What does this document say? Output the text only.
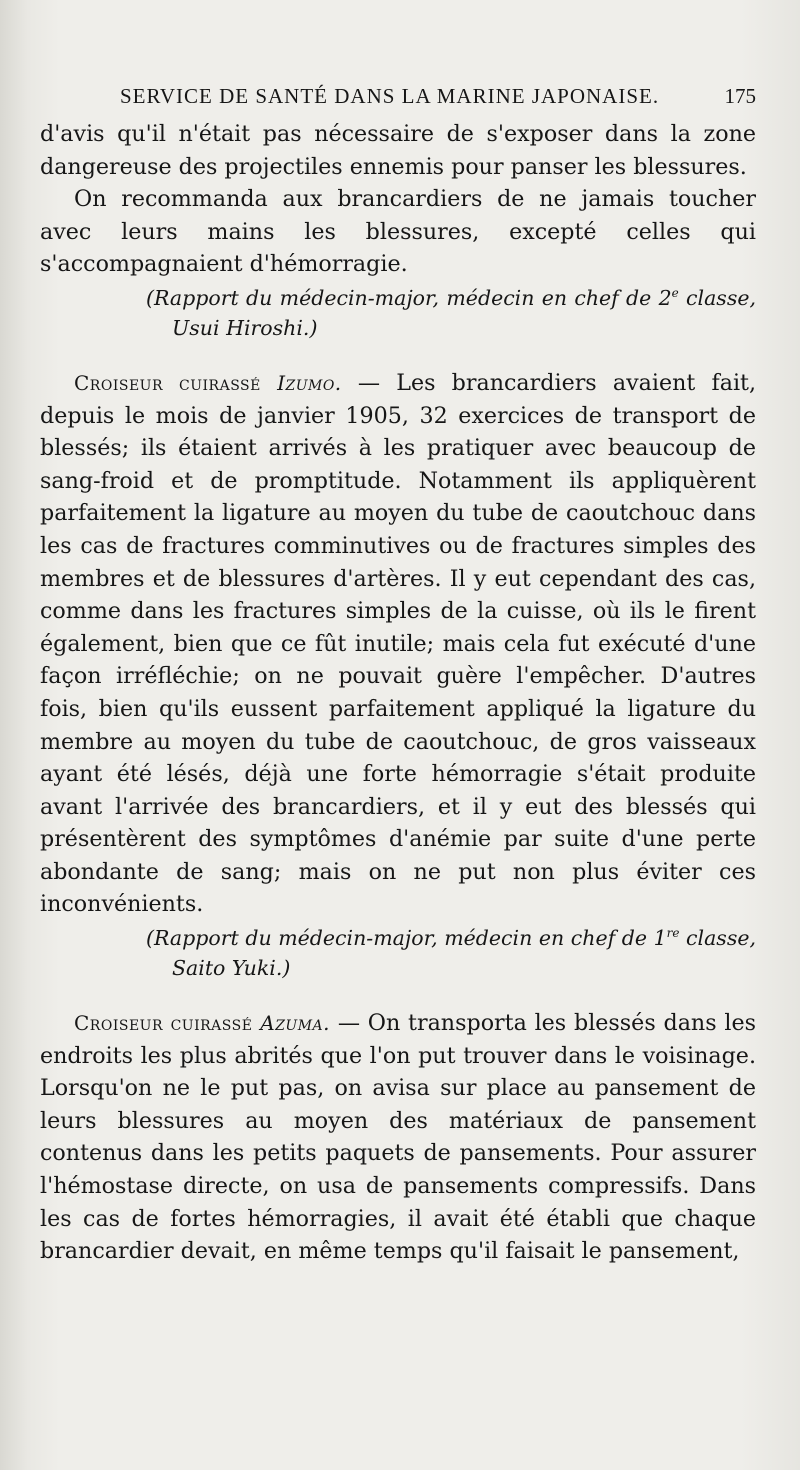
SERVICE DE SANTÉ DANS LA MARINE JAPONAISE.	175

d'avis qu'il n'était pas nécessaire de s'exposer dans la zone dangereuse des projectiles ennemis pour panser les blessures.

On recommanda aux brancardiers de ne jamais toucher avec leurs mains les blessures, excepté celles qui s'accompagnaient d'hémorragie.

(Rapport du médecin-major, médecin en chef de 2e classe, Usui Hiroshi.)

Croiseur cuirassé Izumo. — Les brancardiers avaient fait, depuis le mois de janvier 1905, 32 exercices de transport de blessés; ils étaient arrivés à les pratiquer avec beaucoup de sang-froid et de promptitude. Notamment ils appliquèrent parfaitement la ligature au moyen du tube de caoutchouc dans les cas de fractures comminutives ou de fractures simples des membres et de blessures d'artères. Il y eut cependant des cas, comme dans les fractures simples de la cuisse, où ils le firent également, bien que ce fût inutile; mais cela fut exécuté d'une façon irréfléchie; on ne pouvait guère l'empêcher. D'autres fois, bien qu'ils eussent parfaitement appliqué la ligature du membre au moyen du tube de caoutchouc, de gros vaisseaux ayant été lésés, déjà une forte hémorragie s'était produite avant l'arrivée des brancardiers, et il y eut des blessés qui présentèrent des symptômes d'anémie par suite d'une perte abondante de sang; mais on ne put non plus éviter ces inconvénients.

(Rapport du médecin-major, médecin en chef de 1re classe, Saito Yuki.)

Croiseur cuirassé Azuma. — On transporta les blessés dans les endroits les plus abrités que l'on put trouver dans le voisinage. Lorsqu'on ne le put pas, on avisa sur place au pansement de leurs blessures au moyen des matériaux de pansement contenus dans les petits paquets de pansements. Pour assurer l'hémostase directe, on usa de pansements compressifs. Dans les cas de fortes hémorragies, il avait été établi que chaque brancardier devait, en même temps qu'il faisait le pansement,
